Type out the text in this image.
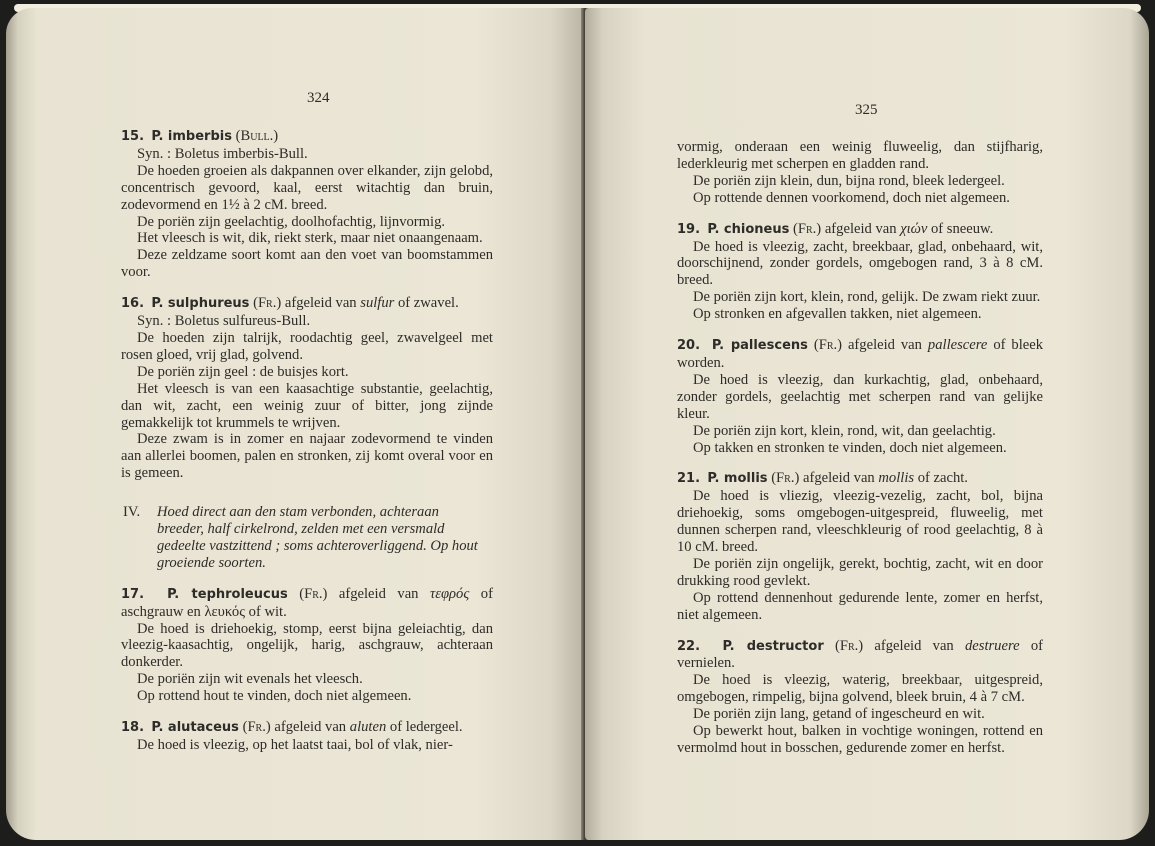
324

15. P. imberbis (Bull.)

Syn. : Boletus imberbis-Bull.

De hoeden groeien als dakpannen over elkander, zijn gelobd, concentrisch gevoord, kaal, eerst witachtig dan bruin, zodevormend en 1½ à 2 cM. breed.

De poriën zijn geelachtig, doolhofachtig, lijnvormig.

Het vleesch is wit, dik, riekt sterk, maar niet onaangenaam.

Deze zeldzame soort komt aan den voet van boomstammen voor.

16. P. sulphureus (Fr.) afgeleid van sulfur of zwavel.

Syn. : Boletus sulfureus-Bull.

De hoeden zijn talrijk, roodachtig geel, zwavelgeel met rosen gloed, vrij glad, golvend.

De poriën zijn geel : de buisjes kort.

Het vleesch is van een kaasachtige substantie, geelachtig, dan wit, zacht, een weinig zuur of bitter, jong zijnde gemakkelijk tot krummels te wrijven.

Deze zwam is in zomer en najaar zodevormend te vinden aan allerlei boomen, palen en stronken, zij komt overal voor en is gemeen.

IV.	Hoed direct aan den stam verbonden, achteraan breeder, half cirkelrond, zelden met een versmald gedeelte vastzittend ; soms achteroverliggend. Op hout groeiende soorten.

17. P. tephroleucus (Fr.) afgeleid van τεφρός of aschgrauw en λευκός of wit.

De hoed is driehoekig, stomp, eerst bijna geleiachtig, dan vleezig-kaasachtig, ongelijk, harig, aschgrauw, achteraan donkerder.

De poriën zijn wit evenals het vleesch.

Op rottend hout te vinden, doch niet algemeen.

18. P. alutaceus (Fr.) afgeleid van aluten of ledergeel.

De hoed is vleezig, op het laatst taai, bol of vlak, nier-

325

vormig, onderaan een weinig fluweelig, dan stijfharig, lederkleurig met scherpen en gladden rand.

De poriën zijn klein, dun, bijna rond, bleek ledergeel.

Op rottende dennen voorkomend, doch niet algemeen.

19. P. chioneus (Fr.) afgeleid van χιών of sneeuw.

De hoed is vleezig, zacht, breekbaar, glad, onbehaard, wit, doorschijnend, zonder gordels, omgebogen rand, 3 à 8 cM. breed.

De poriën zijn kort, klein, rond, gelijk. De zwam riekt zuur.

Op stronken en afgevallen takken, niet algemeen.

20. P. pallescens (Fr.) afgeleid van pallescere of bleek worden.

De hoed is vleezig, dan kurkachtig, glad, onbehaard, zonder gordels, geelachtig met scherpen rand van gelijke kleur.

De poriën zijn kort, klein, rond, wit, dan geelachtig.

Op takken en stronken te vinden, doch niet algemeen.

21. P. mollis (Fr.) afgeleid van mollis of zacht.

De hoed is vliezig, vleezig-vezelig, zacht, bol, bijna driehoekig, soms omgebogen-uitgespreid, fluweelig, met dunnen scherpen rand, vleeschkleurig of rood geelachtig, 8 à 10 cM. breed.

De poriën zijn ongelijk, gerekt, bochtig, zacht, wit en door drukking rood gevlekt.

Op rottend dennenhout gedurende lente, zomer en herfst, niet algemeen.

22. P. destructor (Fr.) afgeleid van destruere of vernielen.

De hoed is vleezig, waterig, breekbaar, uitgespreid, omgebogen, rimpelig, bijna golvend, bleek bruin, 4 à 7 cM.

De poriën zijn lang, getand of ingescheurd en wit.

Op bewerkt hout, balken in vochtige woningen, rottend en vermolmd hout in bosschen, gedurende zomer en herfst.
